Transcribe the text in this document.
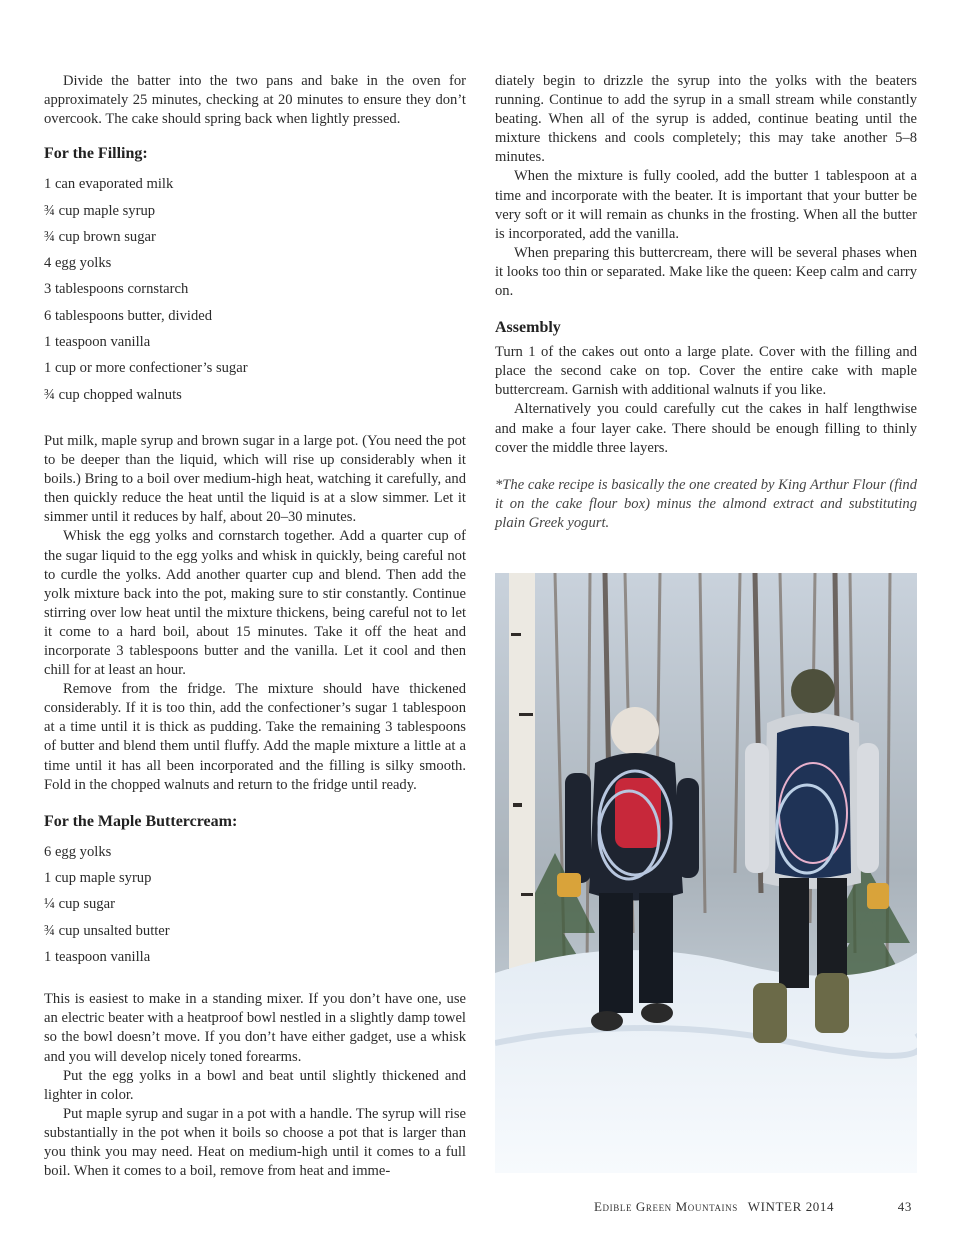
Divide the batter into the two pans and bake in the oven for approximately 25 minutes, checking at 20 minutes to ensure they don’t overcook. The cake should spring back when lightly pressed.

For the Filling:
1 can evaporated milk
¾ cup maple syrup
¾ cup brown sugar
4 egg yolks
3 tablespoons cornstarch
6 tablespoons butter, divided
1 teaspoon vanilla
1 cup or more confectioner’s sugar
¾ cup chopped walnuts

Put milk, maple syrup and brown sugar in a large pot. (You need the pot to be deeper than the liquid, which will rise up considerably when it boils.) Bring to a boil over medium-high heat, watching it carefully, and then quickly reduce the heat until the liquid is at a slow simmer. Let it simmer until it reduces by half, about 20–30 minutes.

Whisk the egg yolks and cornstarch together. Add a quarter cup of the sugar liquid to the egg yolks and whisk in quickly, being careful not to curdle the yolks. Add another quarter cup and blend. Then add the yolk mixture back into the pot, making sure to stir constantly. Continue stirring over low heat until the mixture thickens, being careful not to let it come to a hard boil, about 15 minutes. Take it off the heat and incorporate 3 tablespoons butter and the vanilla. Let it cool and then chill for at least an hour.

Remove from the fridge. The mixture should have thickened considerably. If it is too thin, add the confectioner’s sugar 1 tablespoon at a time until it is thick as pudding. Take the remaining 3 tablespoons of butter and blend them until fluffy. Add the maple mixture a little at a time until it has all been incorporated and the filling is silky smooth. Fold in the chopped walnuts and return to the fridge until ready.

For the Maple Buttercream:
6 egg yolks
1 cup maple syrup
¼ cup sugar
¾ cup unsalted butter
1 teaspoon vanilla

This is easiest to make in a standing mixer. If you don’t have one, use an electric beater with a heatproof bowl nestled in a slightly damp towel so the bowl doesn’t move. If you don’t have either gadget, use a whisk and you will develop nicely toned forearms.

Put the egg yolks in a bowl and beat until slightly thickened and lighter in color.

Put maple syrup and sugar in a pot with a handle. The syrup will rise substantially in the pot when it boils so choose a pot that is larger than you think you may need. Heat on medium-high until it comes to a full boil. When it comes to a boil, remove from heat and imme-

diately begin to drizzle the syrup into the yolks with the beaters running. Continue to add the syrup in a small stream while constantly beating. When all of the syrup is added, continue beating until the mixture thickens and cools completely; this may take another 5–8 minutes.

When the mixture is fully cooled, add the butter 1 tablespoon at a time and incorporate with the beater. It is important that your butter be very soft or it will remain as chunks in the frosting. When all the butter is incorporated, add the vanilla.

When preparing this buttercream, there will be several phases when it looks too thin or separated. Make like the queen: Keep calm and carry on.

Assembly

Turn 1 of the cakes out onto a large plate. Cover with the filling and place the second cake on top. Cover the entire cake with maple buttercream. Garnish with additional walnuts if you like.

Alternatively you could carefully cut the cakes in half lengthwise and make a four layer cake. There should be enough filling to thinly cover the middle three layers.

*The cake recipe is basically the one created by King Arthur Flour (find it on the cake flour box) minus the almond extract and substituting plain Greek yogurt.

Edible Green Mountains WINTER 2014	43
